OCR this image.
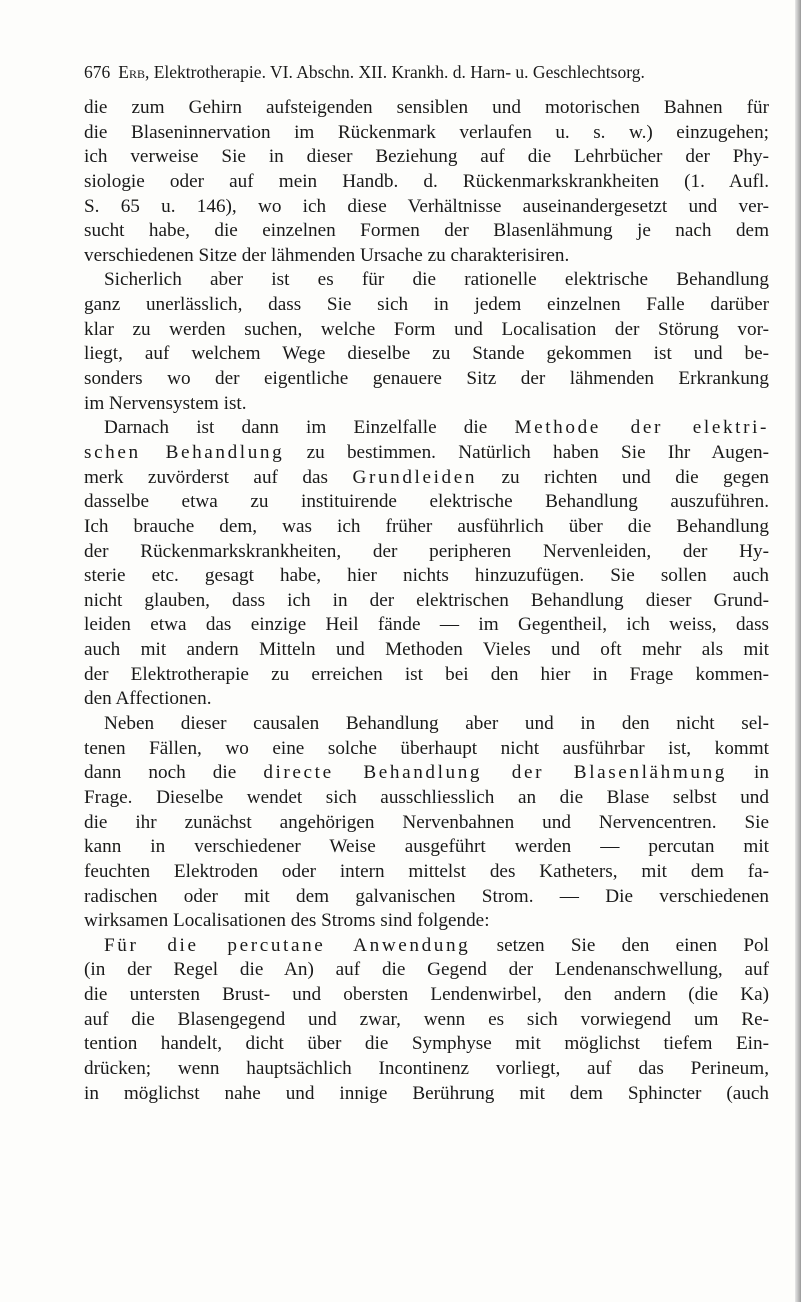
676 Erb, Elektrotherapie. VI. Abschn. XII. Krankh. d. Harn- u. Geschlechtsorg.
die zum Gehirn aufsteigenden sensiblen und motorischen Bahnen für
die Blaseninnervation im Rückenmark verlaufen u. s. w.) einzugehen;
ich verweise Sie in dieser Beziehung auf die Lehrbücher der Phy-
siologie oder auf mein Handb. d. Rückenmarkskrankheiten (1. Aufl.
S. 65 u. 146), wo ich diese Verhältnisse auseinandergesetzt und ver-
sucht habe, die einzelnen Formen der Blasenlähmung je nach dem
verschiedenen Sitze der lähmenden Ursache zu charakterisiren.
Sicherlich aber ist es für die rationelle elektrische Behandlung
ganz unerlässlich, dass Sie sich in jedem einzelnen Falle darüber
klar zu werden suchen, welche Form und Localisation der Störung vor-
liegt, auf welchem Wege dieselbe zu Stande gekommen ist und be-
sonders wo der eigentliche genauere Sitz der lähmenden Erkrankung
im Nervensystem ist.
Darnach ist dann im Einzelfalle die Methode der elektri-
schen Behandlung zu bestimmen. Natürlich haben Sie Ihr Augen-
merk zuvörderst auf das Grundleiden zu richten und die gegen
dasselbe etwa zu instituirende elektrische Behandlung auszuführen.
Ich brauche dem, was ich früher ausführlich über die Behandlung
der Rückenmarkskrankheiten, der peripheren Nervenleiden, der Hy-
sterie etc. gesagt habe, hier nichts hinzuzufügen. Sie sollen auch
nicht glauben, dass ich in der elektrischen Behandlung dieser Grund-
leiden etwa das einzige Heil fände — im Gegentheil, ich weiss, dass
auch mit andern Mitteln und Methoden Vieles und oft mehr als mit
der Elektrotherapie zu erreichen ist bei den hier in Frage kommen-
den Affectionen.
Neben dieser causalen Behandlung aber und in den nicht sel-
tenen Fällen, wo eine solche überhaupt nicht ausführbar ist, kommt
dann noch die directe Behandlung der Blasenlähmung in
Frage. Dieselbe wendet sich ausschliesslich an die Blase selbst und
die ihr zunächst angehörigen Nervenbahnen und Nervencentren. Sie
kann in verschiedener Weise ausgeführt werden — percutan mit
feuchten Elektroden oder intern mittelst des Katheters, mit dem fa-
radischen oder mit dem galvanischen Strom. — Die verschiedenen
wirksamen Localisationen des Stroms sind folgende:
Für die percutane Anwendung setzen Sie den einen Pol
(in der Regel die An) auf die Gegend der Lendenanschwellung, auf
die untersten Brust- und obersten Lendenwirbel, den andern (die Ka)
auf die Blasengegend und zwar, wenn es sich vorwiegend um Re-
tention handelt, dicht über die Symphyse mit möglichst tiefem Ein-
drücken; wenn hauptsächlich Incontinenz vorliegt, auf das Perineum,
in möglichst nahe und innige Berührung mit dem Sphincter (auch
